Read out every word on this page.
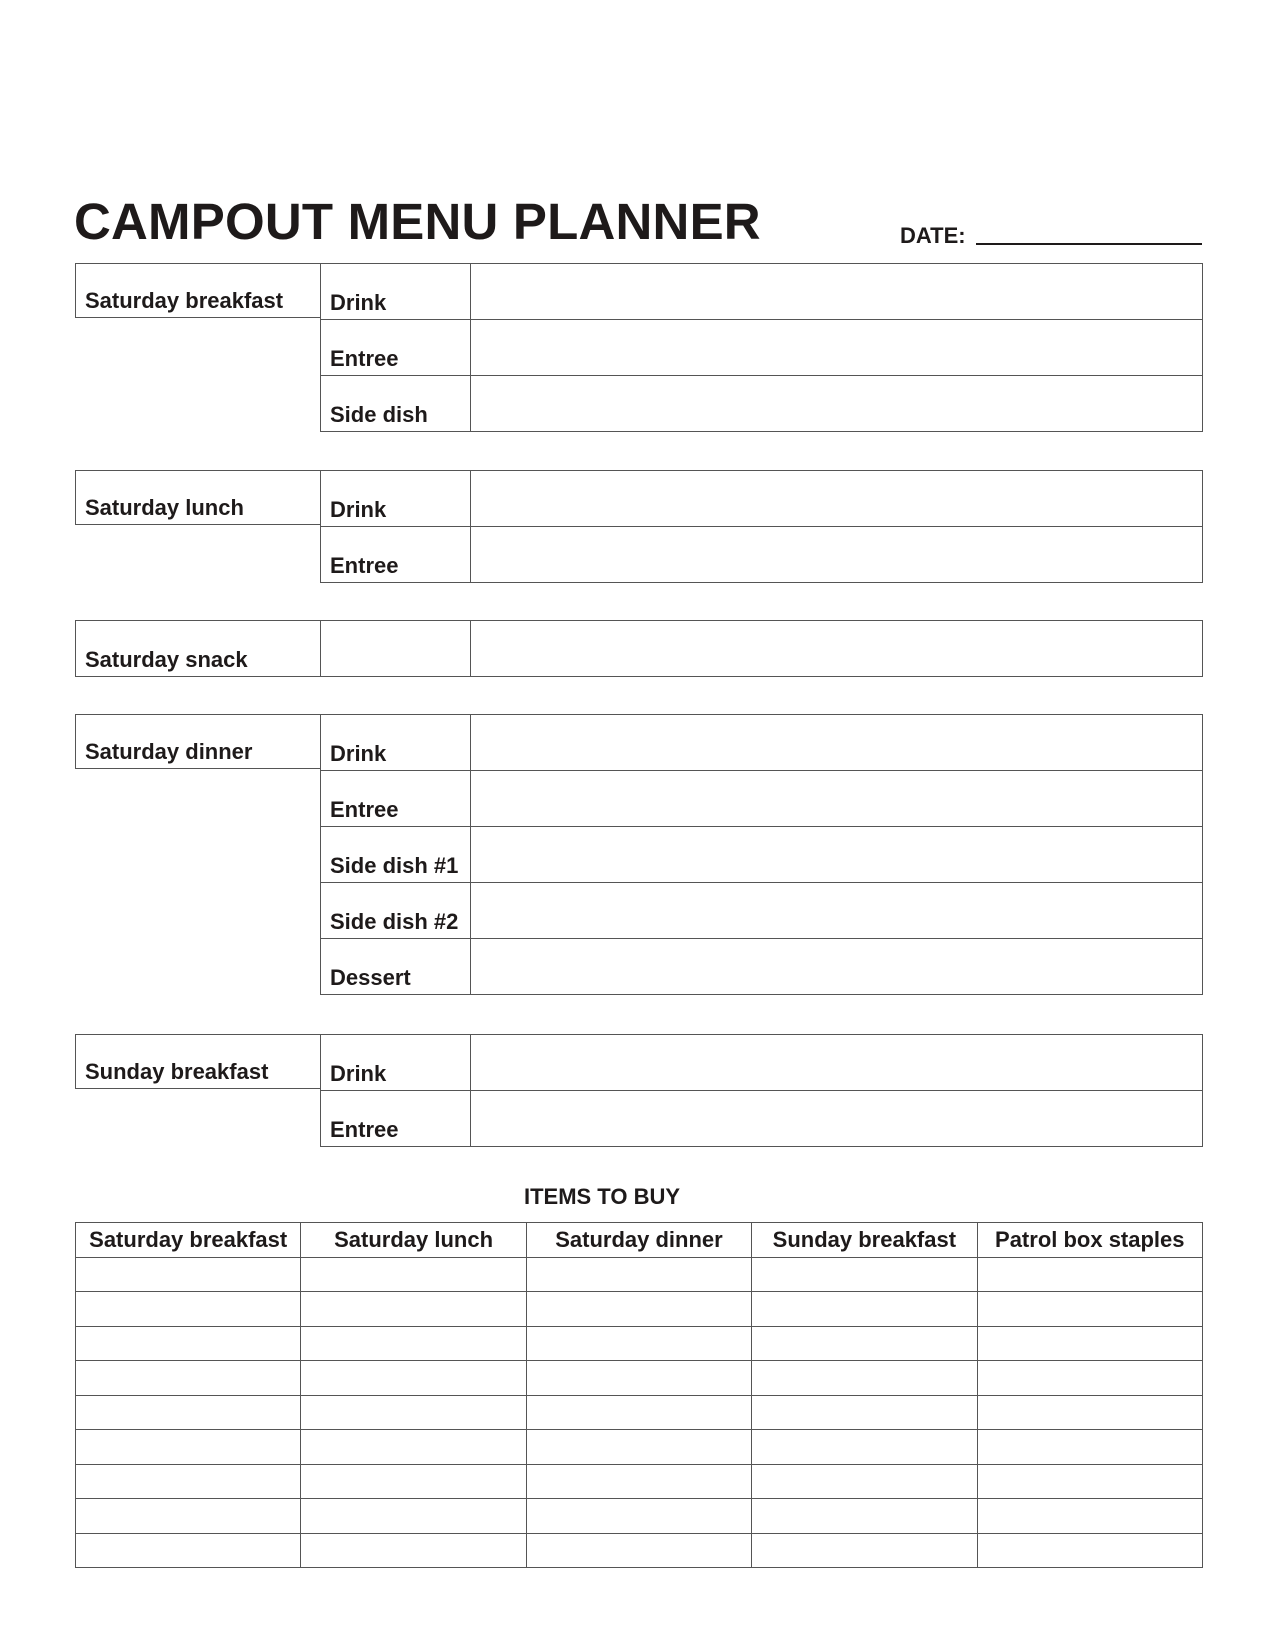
CAMPOUT MENU PLANNER	DATE:
Saturday breakfast Drink
Entree
Side dish
Saturday lunch	Drink
Entree
Saturday snack
Saturday dinner	Drink
Entree
Side dish #1
Side dish #2
Dessert
Sunday breakfast	Drink
Entree
ITEMS TO BUY
Saturday breakfast	Saturday lunch	Saturday dinner	Sunday breakfast	Patrol box staples
